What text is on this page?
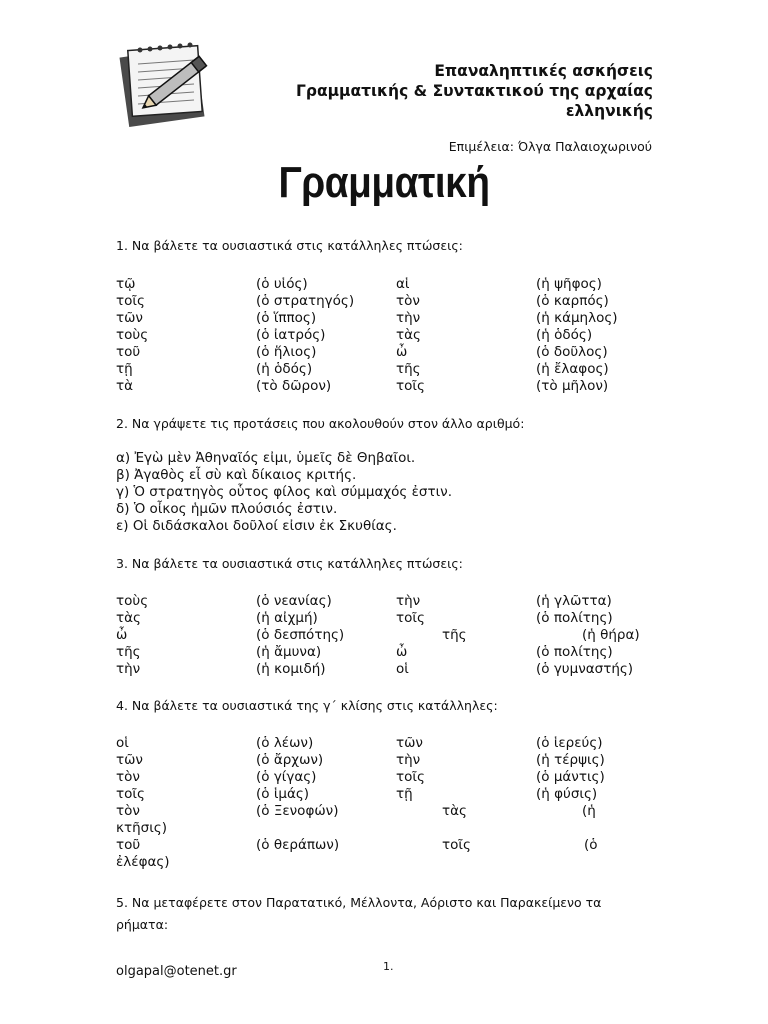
Επαναληπτικές ασκήσεις
Γραμματικής & Συντακτικού της αρχαίας
ελληνικής
Επιμέλεια: Όλγα Παλαιοχωρινού
Γραμματική
1. Να βάλετε τα ουσιαστικά στις κατάλληλες πτώσεις:
τῷ	(ὁ υἱός)	αἱ	(ἡ ψῆφος)
τοῖς	(ὁ στρατηγός)	τὸν	(ὁ καρπός)
τῶν	(ὁ ἵππος)	τὴν	(ἡ κάμηλος)
τοὺς	(ὁ ἰατρός)	τὰς	(ἡ ὁδός)
τοῦ	(ὁ ἥλιος)	ὦ	(ὁ δοῦλος)
τῇ	(ἡ ὁδός)	τῆς	(ἡ ἔλαφος)
τὰ	(τὸ δῶρον)	τοῖς	(τὸ μῆλον)
2. Να γράψετε τις προτάσεις που ακολουθούν στον άλλο αριθμό:
α) Ἐγὼ μὲν Ἀθηναῖός εἰμι, ὑμεῖς δὲ Θηβαῖοι.
β) Ἀγαθὸς εἶ σὺ καὶ δίκαιος κριτής.
γ) Ὁ στρατηγὸς οὗτος φίλος καὶ σύμμαχός ἐστιν.
δ) Ὁ οἶκος ἡμῶν πλούσιός ἐστιν.
ε) Οἱ διδάσκαλοι δοῦλοί εἰσιν ἐκ Σκυθίας.
3. Να βάλετε τα ουσιαστικά στις κατάλληλες πτώσεις:
τοὺς	(ὁ νεανίας)	τὴν	(ἡ γλῶττα)
τὰς	(ἡ αἰχμή)	τοῖς	(ὁ πολίτης)
ὦ	(ὁ δεσπότης)	τῆς	(ἡ θήρα)
τῆς	(ἡ ἄμυνα)	ὦ	(ὁ πολίτης)
τὴν	(ἡ κομιδή)	οἱ	(ὁ γυμναστής)
4. Να βάλετε τα ουσιαστικά της γ΄ κλίσης στις κατάλληλες:
οἱ	(ὁ λέων)	τῶν	(ὁ ἱερεύς)
τῶν	(ὁ ἄρχων)	τὴν	(ἡ τέρψις)
τὸν	(ὁ γίγας)	τοῖς	(ὁ μάντις)
τοῖς	(ὁ ἱμάς)	τῇ	(ἡ φύσις)
τὸν	(ὁ Ξενοφών)	τὰς	(ἡ
κτῆσις)
τοῦ	(ὁ θεράπων)	τοῖς	(ὁ
ἐλέφας)
5. Να μεταφέρετε στον Παρατατικό, Μέλλοντα, Αόριστο και Παρακείμενο τα
ρήματα:
olgapal@otenet.gr	1.
